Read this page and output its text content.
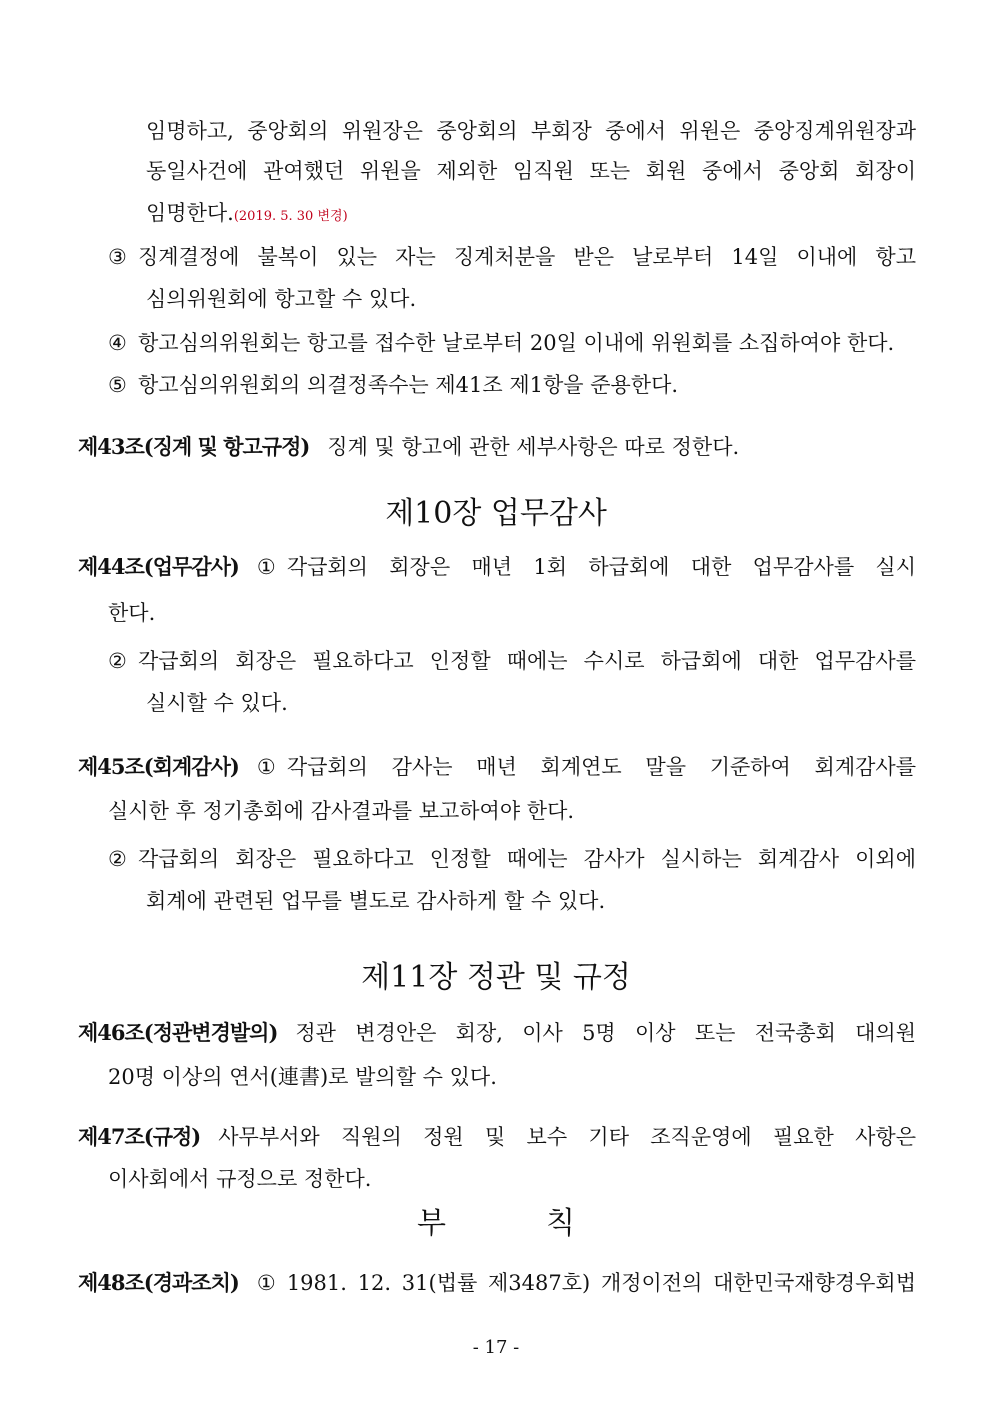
임명하고, 중앙회의 위원장은 중앙회의 부회장 중에서 위원은 중앙징계위원장과
동일사건에 관여했던 위원을 제외한 임직원 또는 회원 중에서 중앙회 회장이
임명한다.(2019. 5. 30 변경)
③ 징계결정에 불복이 있는 자는 징계처분을 받은 날로부터 14일 이내에 항고
심의위원회에 항고할 수 있다.
④ 항고심의위원회는 항고를 접수한 날로부터 20일 이내에 위원회를 소집하여야 한다.
⑤ 항고심의위원회의 의결정족수는 제41조 제1항을 준용한다.
제43조(징계 및 항고규정) 징계 및 항고에 관한 세부사항은 따로 정한다.
제10장 업무감사
제44조(업무감사) ① 각급회의 회장은 매년 1회 하급회에 대한 업무감사를 실시
한다.
② 각급회의 회장은 필요하다고 인정할 때에는 수시로 하급회에 대한 업무감사를
실시할 수 있다.
제45조(회계감사) ① 각급회의 감사는 매년 회계연도 말을 기준하여 회계감사를
실시한 후 정기총회에 감사결과를 보고하여야 한다.
② 각급회의 회장은 필요하다고 인정할 때에는 감사가 실시하는 회계감사 이외에
회계에 관련된 업무를 별도로 감사하게 할 수 있다.
제11장 정관 및 규정
제46조(정관변경발의) 정관 변경안은 회장, 이사 5명 이상 또는 전국총회 대의원
20명 이상의 연서(連書)로 발의할 수 있다.
제47조(규정) 사무부서와 직원의 정원 및 보수 기타 조직운영에 필요한 사항은
이사회에서 규정으로 정한다.
부칙
제48조(경과조치) ① 1981. 12. 31(법률 제3487호) 개정이전의 대한민국재향경우회법
- 17 -
